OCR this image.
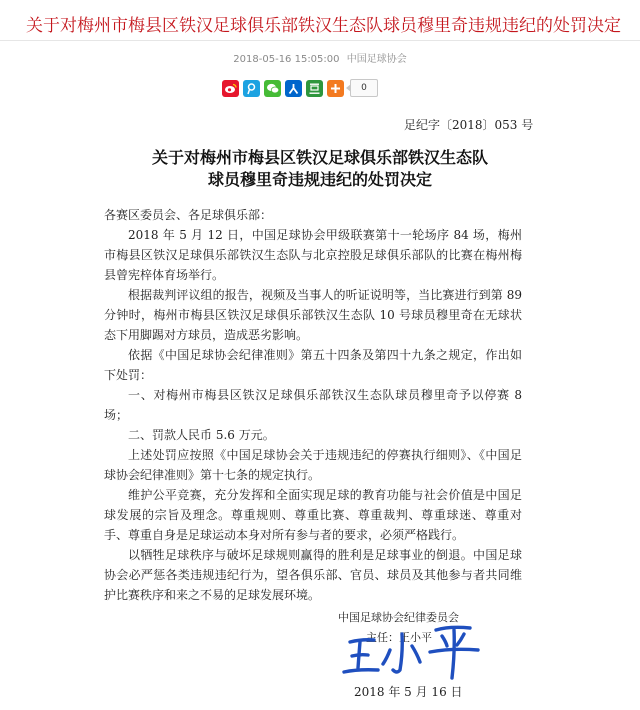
关于对梅州市梅县区铁汉足球俱乐部铁汉生态队球员穆里奇违规违纪的处罚决定
2018-05-16 15:05:00 中国足球协会
0
足纪字〔2018〕053 号
关于对梅州市梅县区铁汉足球俱乐部铁汉生态队
球员穆里奇违规违纪的处罚决定

各赛区委员会、各足球俱乐部：

2018 年 5 月 12 日，中国足球协会甲级联赛第十一轮场序 84 场，梅州市梅县区铁汉足球俱乐部铁汉生态队与北京控股足球俱乐部队的比赛在梅州梅县曾宪梓体育场举行。

根据裁判评议组的报告，视频及当事人的听证说明等，当比赛进行到第 89 分钟时，梅州市梅县区铁汉足球俱乐部铁汉生态队 10 号球员穆里奇在无球状态下用脚踢对方球员，造成恶劣影响。

依据《中国足球协会纪律准则》第五十四条及第四十九条之规定，作出如下处罚：

一、对梅州市梅县区铁汉足球俱乐部铁汉生态队球员穆里奇予以停赛 8 场；

二、罚款人民币 5.6 万元。

上述处罚应按照《中国足球协会关于违规违纪的停赛执行细则》、《中国足球协会纪律准则》第十七条的规定执行。

维护公平竞赛，充分发挥和全面实现足球的教育功能与社会价值是中国足球发展的宗旨及理念。尊重规则、尊重比赛、尊重裁判、尊重球迷、尊重对手、尊重自身是足球运动本身对所有参与者的要求，必须严格践行。

以牺牲足球秩序与破坏足球规则赢得的胜利是足球事业的倒退。中国足球协会必严惩各类违规违纪行为，望各俱乐部、官员、球员及其他参与者共同维护比赛秩序和来之不易的足球发展环境。

中国足球协会纪律委员会
主任：王小平
2018 年 5 月 16 日
